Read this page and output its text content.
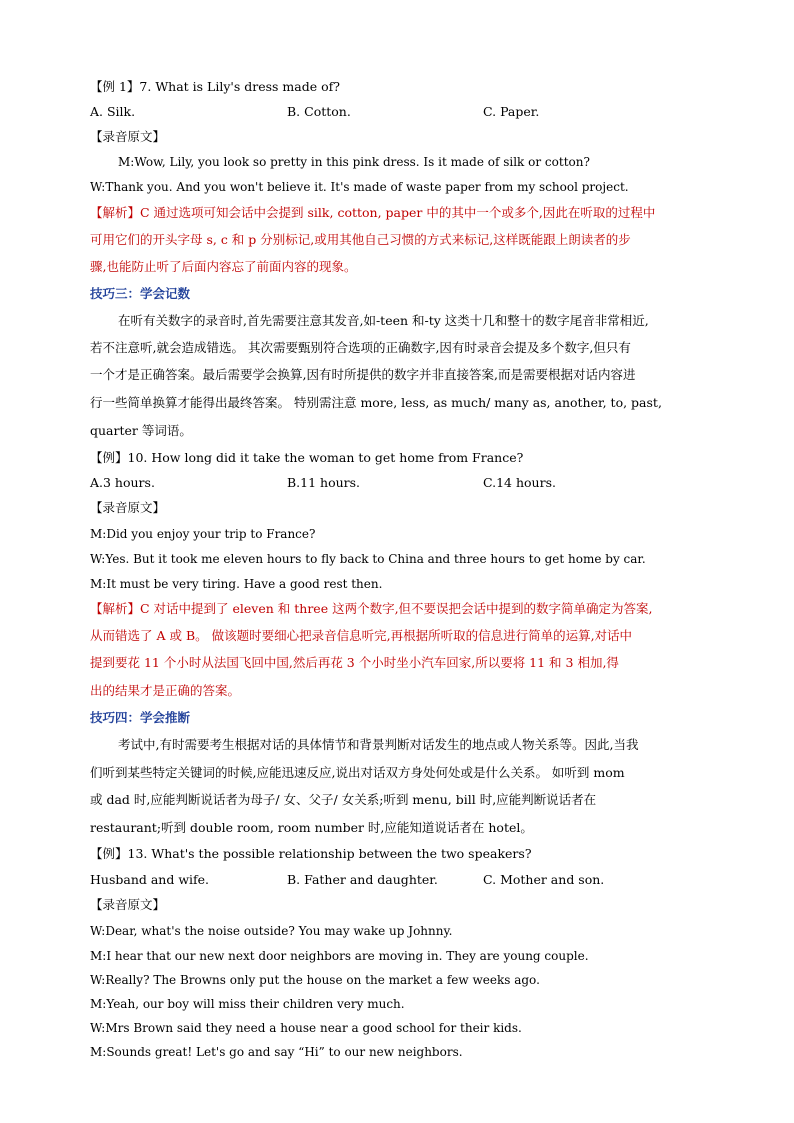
【例 1】7. What is Lily's dress made of?
A. Silk.	B. Cotton.	C. Paper.
【录音原文】
M:Wow, Lily, you look so pretty in this pink dress. Is it made of silk or cotton?
W:Thank you. And you won't believe it. It's made of waste paper from my school project.
【解析】C 通过选项可知会话中会提到 silk, cotton, paper 中的其中一个或多个,因此在听取的过程中
可用它们的开头字母 s, c 和 p 分别标记,或用其他自己习惯的方式来标记,这样既能跟上朗读者的步
骤,也能防止听了后面内容忘了前面内容的现象。
技巧三：学会记数
在听有关数字的录音时,首先需要注意其发音,如-teen 和-ty 这类十几和整十的数字尾音非常相近,
若不注意听,就会造成错选。 其次需要甄别符合选项的正确数字,因有时录音会提及多个数字,但只有
一个才是正确答案。最后需要学会换算,因有时所提供的数字并非直接答案,而是需要根据对话内容进
行一些简单换算才能得出最终答案。 特别需注意 more, less, as much/ many as, another, to, past,
quarter 等词语。
【例】10. How long did it take the woman to get home from France?
A.3 hours.	B.11 hours.	C.14 hours.
【录音原文】
M:Did you enjoy your trip to France?
W:Yes. But it took me eleven hours to fly back to China and three hours to get home by car.
M:It must be very tiring. Have a good rest then.
【解析】C 对话中提到了 eleven 和 three 这两个数字,但不要误把会话中提到的数字简单确定为答案,
从而错选了 A 或 B。 做该题时要细心把录音信息听完,再根据所听取的信息进行简单的运算,对话中
提到要花 11 个小时从法国飞回中国,然后再花 3 个小时坐小汽车回家,所以要将 11 和 3 相加,得
出的结果才是正确的答案。
技巧四：学会推断
考试中,有时需要考生根据对话的具体情节和背景判断对话发生的地点或人物关系等。因此,当我
们听到某些特定关键词的时候,应能迅速反应,说出对话双方身处何处或是什么关系。 如听到 mom
或 dad 时,应能判断说话者为母子/ 女、父子/ 女关系;听到 menu, bill 时,应能判断说话者在
restaurant;听到 double room, room number 时,应能知道说话者在 hotel。
【例】13. What's the possible relationship between the two speakers?
Husband and wife.	B. Father and daughter.	C. Mother and son.
【录音原文】
W:Dear, what's the noise outside? You may wake up Johnny.
M:I hear that our new next door neighbors are moving in. They are young couple.
W:Really? The Browns only put the house on the market a few weeks ago.
M:Yeah, our boy will miss their children very much.
W:Mrs Brown said they need a house near a good school for their kids.
M:Sounds great! Let's go and say “Hi” to our new neighbors.
